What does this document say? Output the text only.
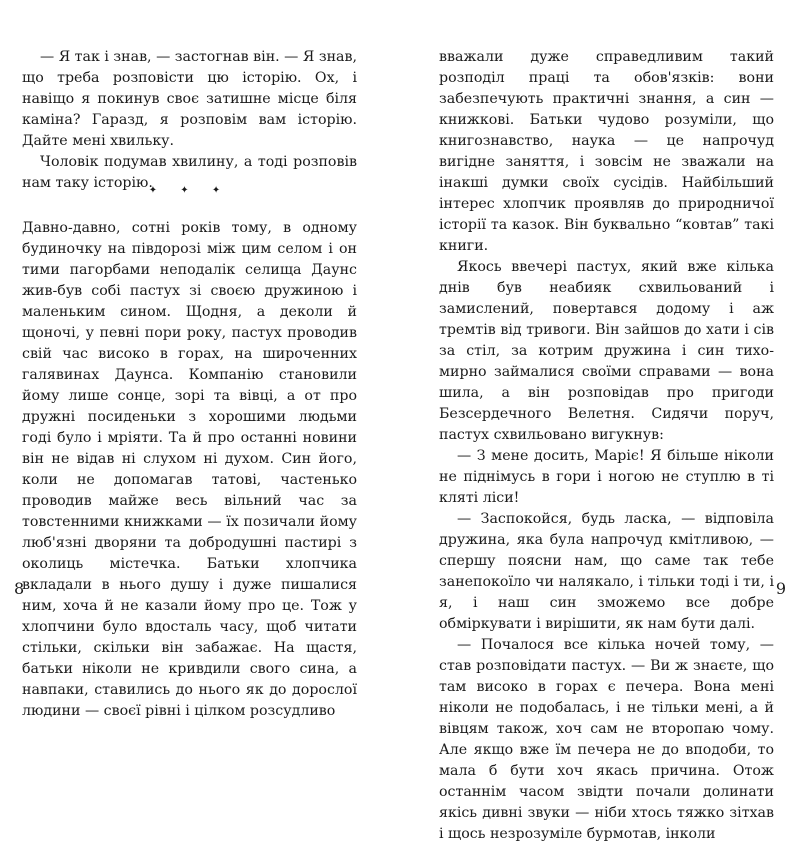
— Я так і знав, — застогнав він. — Я знав, що треба розповісти цю історію. Ох, і навіщо я покинув своє затишне місце біля каміна? Гаразд, я розповім вам історію. Дайте мені хвильку.

Чоловік подумав хвилину, а тоді розповів нам таку історію.

✦ ✦ ✦

Давно-давно, сотні років тому, в одному будиночку на півдорозі між цим селом і он тими пагорбами неподалік селища Даунс жив-був собі пастух зі своєю дружиною і маленьким сином. Щодня, а деколи й щоночі, у певні пори року, пастух проводив свій час високо в горах, на широченних галявинах Даунса. Компанію становили йому лише сонце, зорі та вівці, а от про дружні посиденьки з хорошими людьми годі було і мріяти. Та й про останні новини він не відав ні слухом ні духом. Син його, коли не допомагав татові, частенько проводив майже весь вільний час за товстенними книжками — їх позичали йому люб'язні дворяни та добродушні пастирі з околиць містечка. Батьки хлопчика вкладали в нього душу і дуже пишалися ним, хоча й не казали йому про це. Тож у хлопчини було вдосталь часу, щоб читати стільки, скільки він забажає. На щастя, батьки ніколи не кривдили свого сина, а навпаки, ставились до нього як до дорослої людини — своєї рівні і цілком розсудливо

8	9

вважали дуже справедливим такий розподіл праці та обов'язків: вони забезпечують практичні знання, а син — книжкові. Батьки чудово розуміли, що книгознавство, наука — це напрочуд вигідне заняття, і зовсім не зважали на інакші думки своїх сусідів. Найбільший інтерес хлопчик проявляв до природничої історії та казок. Він буквально “ковтав” такі книги.

Якось ввечері пастух, який вже кілька днів був неабияк схвильований і замислений, повертався додому і аж тремтів від тривоги. Він зайшов до хати і сів за стіл, за котрим дружина і син тихо-мирно займалися своїми справами — вона шила, а він розповідав про пригоди Безсердечного Велетня. Сидячи поруч, пастух схвильовано вигукнув:

— З мене досить, Маріє! Я більше ніколи не піднімусь в гори і ногою не ступлю в ті кляті ліси!

— Заспокойся, будь ласка, — відповіла дружина, яка була напрочуд кмітливою, — спершу поясни нам, що саме так тебе занепокоїло чи налякало, і тільки тоді і ти, і я, і наш син зможемо все добре обміркувати і вирішити, як нам бути далі.

— Почалося все кілька ночей тому, — став розповідати пастух. — Ви ж знаєте, що там високо в горах є печера. Вона мені ніколи не подобалась, і не тільки мені, а й вівцям також, хоч сам не второпаю чому. Але якщо вже їм печера не до вподоби, то мала б бути хоч якась причина. Отож останнім часом звідти почали долинати якісь дивні звуки — ніби хтось тяжко зітхав і щось незрозуміле бурмотав, інколи
